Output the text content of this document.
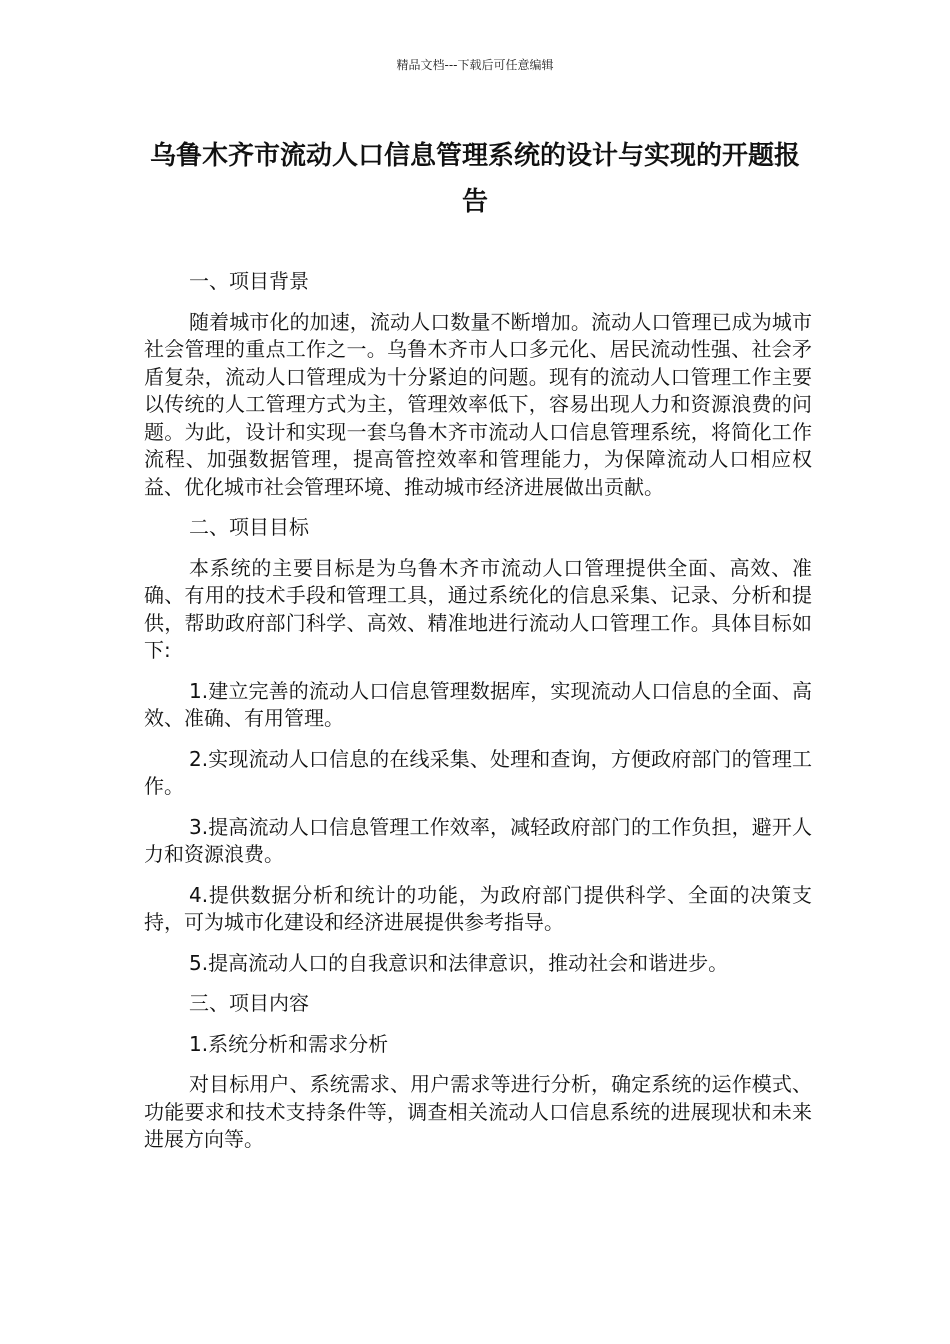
精品文档---下载后可任意编辑
乌鲁木齐市流动人口信息管理系统的设计与实现的开题报告

一、项目背景

随着城市化的加速，流动人口数量不断增加。流动人口管理已成为城市社会管理的重点工作之一。乌鲁木齐市人口多元化、居民流动性强、社会矛盾复杂，流动人口管理成为十分紧迫的问题。现有的流动人口管理工作主要以传统的人工管理方式为主，管理效率低下，容易出现人力和资源浪费的问题。为此，设计和实现一套乌鲁木齐市流动人口信息管理系统，将简化工作流程、加强数据管理，提高管控效率和管理能力，为保障流动人口相应权益、优化城市社会管理环境、推动城市经济进展做出贡献。

二、项目目标

本系统的主要目标是为乌鲁木齐市流动人口管理提供全面、高效、准确、有用的技术手段和管理工具，通过系统化的信息采集、记录、分析和提供，帮助政府部门科学、高效、精准地进行流动人口管理工作。具体目标如下:

1.建立完善的流动人口信息管理数据库，实现流动人口信息的全面、高效、准确、有用管理。

2.实现流动人口信息的在线采集、处理和查询，方便政府部门的管理工作。

3.提高流动人口信息管理工作效率，减轻政府部门的工作负担，避开人力和资源浪费。

4.提供数据分析和统计的功能，为政府部门提供科学、全面的决策支持，可为城市化建设和经济进展提供参考指导。

5.提高流动人口的自我意识和法律意识，推动社会和谐进步。

三、项目内容

1.系统分析和需求分析

对目标用户、系统需求、用户需求等进行分析，确定系统的运作模式、功能要求和技术支持条件等，调查相关流动人口信息系统的进展现状和未来进展方向等。
